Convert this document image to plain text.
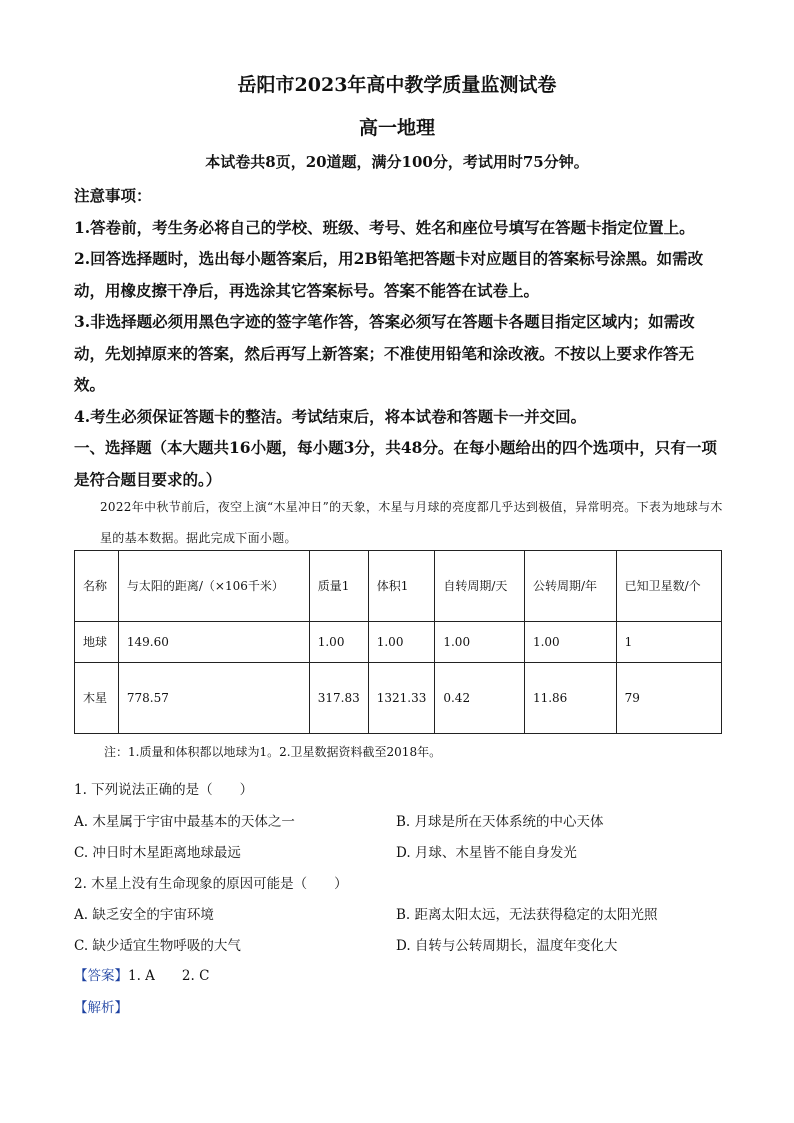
岳阳市2023年高中教学质量监测试卷
高一地理
本试卷共8页，20道题，满分100分，考试用时75分钟。

注意事项：

1.答卷前，考生务必将自己的学校、班级、考号、姓名和座位号填写在答题卡指定位置上。

2.回答选择题时，选出每小题答案后，用2B铅笔把答题卡对应题目的答案标号涂黑。如需改动，用橡皮擦干净后，再选涂其它答案标号。答案不能答在试卷上。

3.非选择题必须用黑色字迹的签字笔作答，答案必须写在答题卡各题目指定区域内；如需改动，先划掉原来的答案，然后再写上新答案；不准使用铅笔和涂改液。不按以上要求作答无效。

4.考生必须保证答题卡的整洁。考试结束后，将本试卷和答题卡一并交回。

一、选择题（本大题共16小题，每小题3分，共48分。在每小题给出的四个选项中，只有一项是符合题目要求的。）

2022年中秋节前后，夜空上演“木星冲日”的天象，木星与月球的亮度都几乎达到极值，异常明亮。下表为地球与木星的基本数据。据此完成下面小题。
名称	与太阳的距离/（×106千米）	质量1	体积1	自转周期/天	公转周期/年	已知卫星数/个
地球	149.60	1.00	1.00	1.00	1.00	1
木星	778.57	317.83	1321.33	0.42	11.86	79
注：1.质量和体积都以地球为1。2.卫星数据资料截至2018年。
1. 下列说法正确的是（　　）
A. 木星属于宇宙中最基本的天体之一	B. 月球是所在天体系统的中心天体
C. 冲日时木星距离地球最远	D. 月球、木星皆不能自身发光
2. 木星上没有生命现象的原因可能是（　　）
A. 缺乏安全的宇宙环境	B. 距离太阳太远，无法获得稳定的太阳光照
C. 缺少适宜生物呼吸的大气	D. 自转与公转周期长，温度年变化大
【答案】1. A　　2. C
【解析】
